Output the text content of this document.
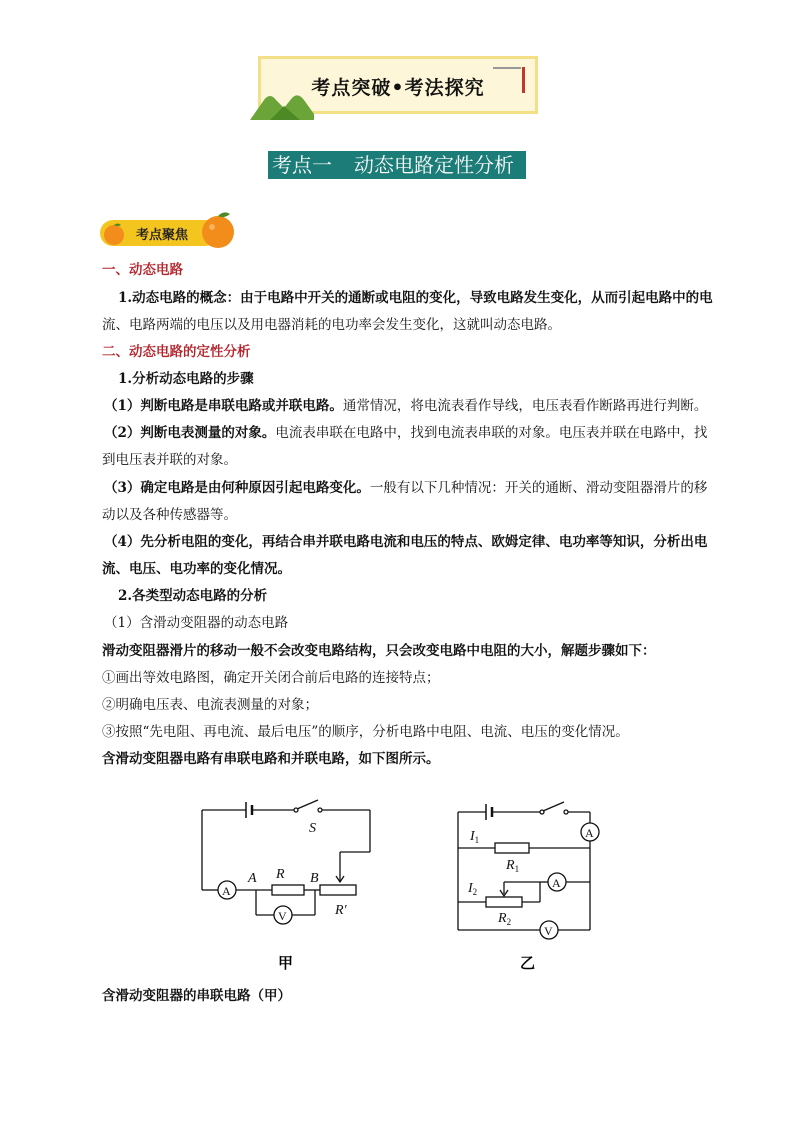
考点突破•考法探究
考点一 动态电路定性分析
考点聚焦
一、动态电路
1.动态电路的概念：由于电路中开关的通断或电阻的变化，导致电路发生变化，从而引起电路中的电
流、电路两端的电压以及用电器消耗的电功率会发生变化，这就叫动态电路。
二、动态电路的定性分析
1.分析动态电路的步骤
（1）判断电路是串联电路或并联电路。通常情况，将电流表看作导线，电压表看作断路再进行判断。
（2）判断电表测量的对象。电流表串联在电路中，找到电流表串联的对象。电压表并联在电路中，找
到电压表并联的对象。
（3）确定电路是由何种原因引起电路变化。一般有以下几种情况：开关的通断、滑动变阻器滑片的移
动以及各种传感器等。
（4）先分析电阻的变化，再结合串并联电路电流和电压的特点、欧姆定律、电功率等知识，分析出电
流、电压、电功率的变化情况。
2.各类型动态电路的分析
（1）含滑动变阻器的动态电路
滑动变阻器滑片的移动一般不会改变电路结构，只会改变电路中电阻的大小，解题步骤如下：
①画出等效电路图，确定开关闭合前后电路的连接特点；
②明确电压表、电流表测量的对象；
③按照“先电阻、再电流、最后电压”的顺序，分析电路中电阻、电流、电压的变化情况。
含滑动变阻器电路有串联电路和并联电路，如下图所示。
S
A R B
R′
A
V
甲
$I_1$
$R_1$
$I_2$
$R_2$
A
A
V
乙
含滑动变阻器的串联电路（甲）
